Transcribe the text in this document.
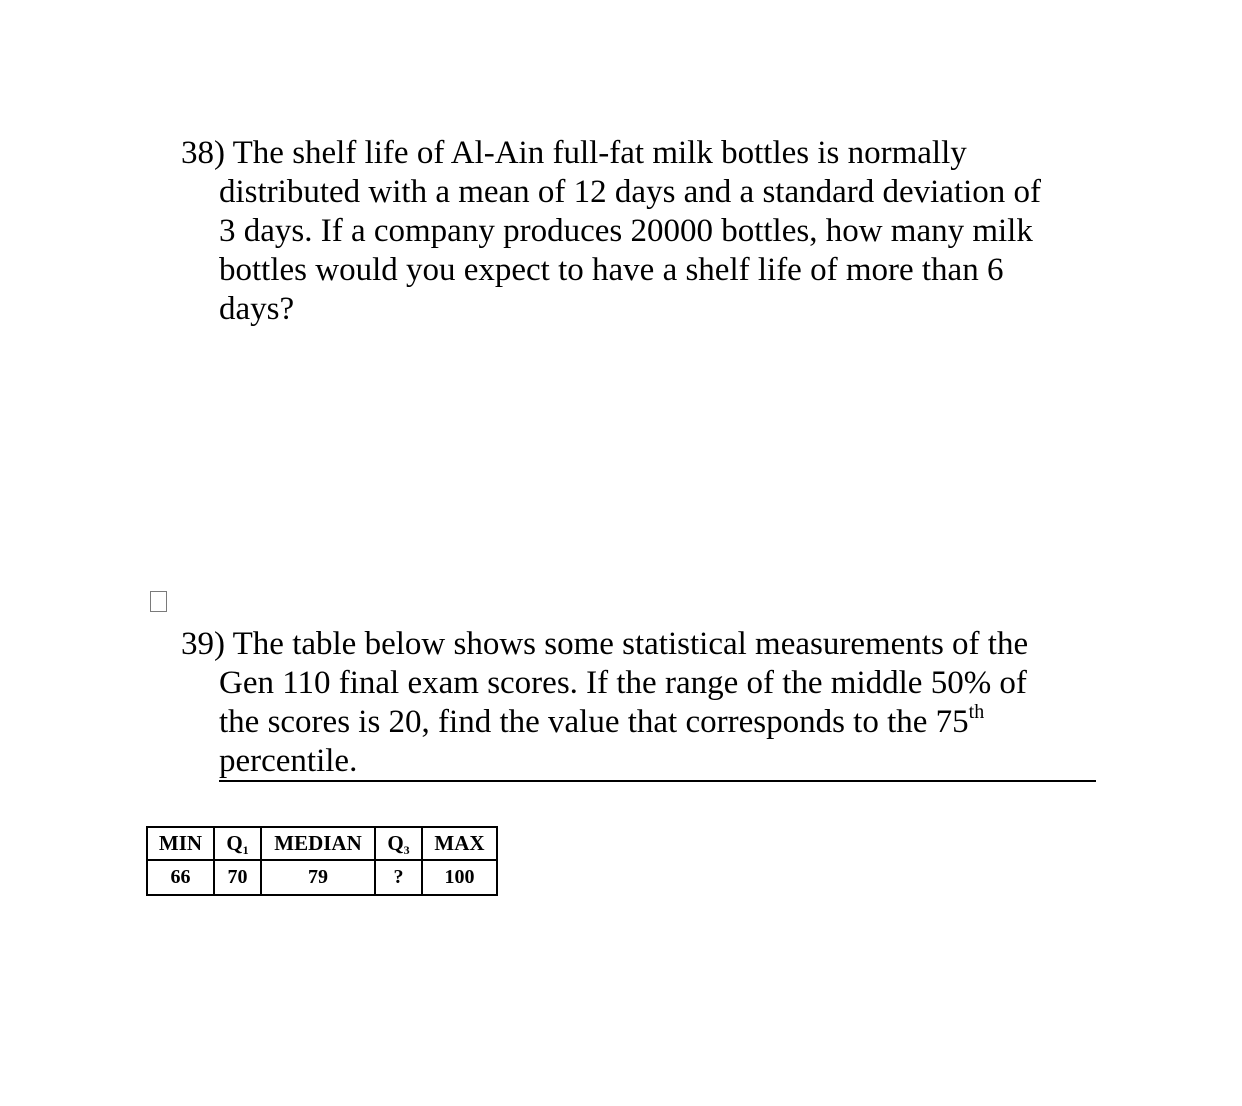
38) The shelf life of Al-Ain full-fat milk bottles is normally
distributed with a mean of 12 days and a standard deviation of
3 days. If a company produces 20000 bottles, how many milk
bottles would you expect to have a shelf life of more than 6
days?
39) The table below shows some statistical measurements of the
Gen 110 final exam scores. If the range of the middle 50% of
the scores is 20, find the value that corresponds to the 75th
percentile.
MIN	$Q_1$	MEDIAN	$Q_3$	MAX
66	70	79	?	100
